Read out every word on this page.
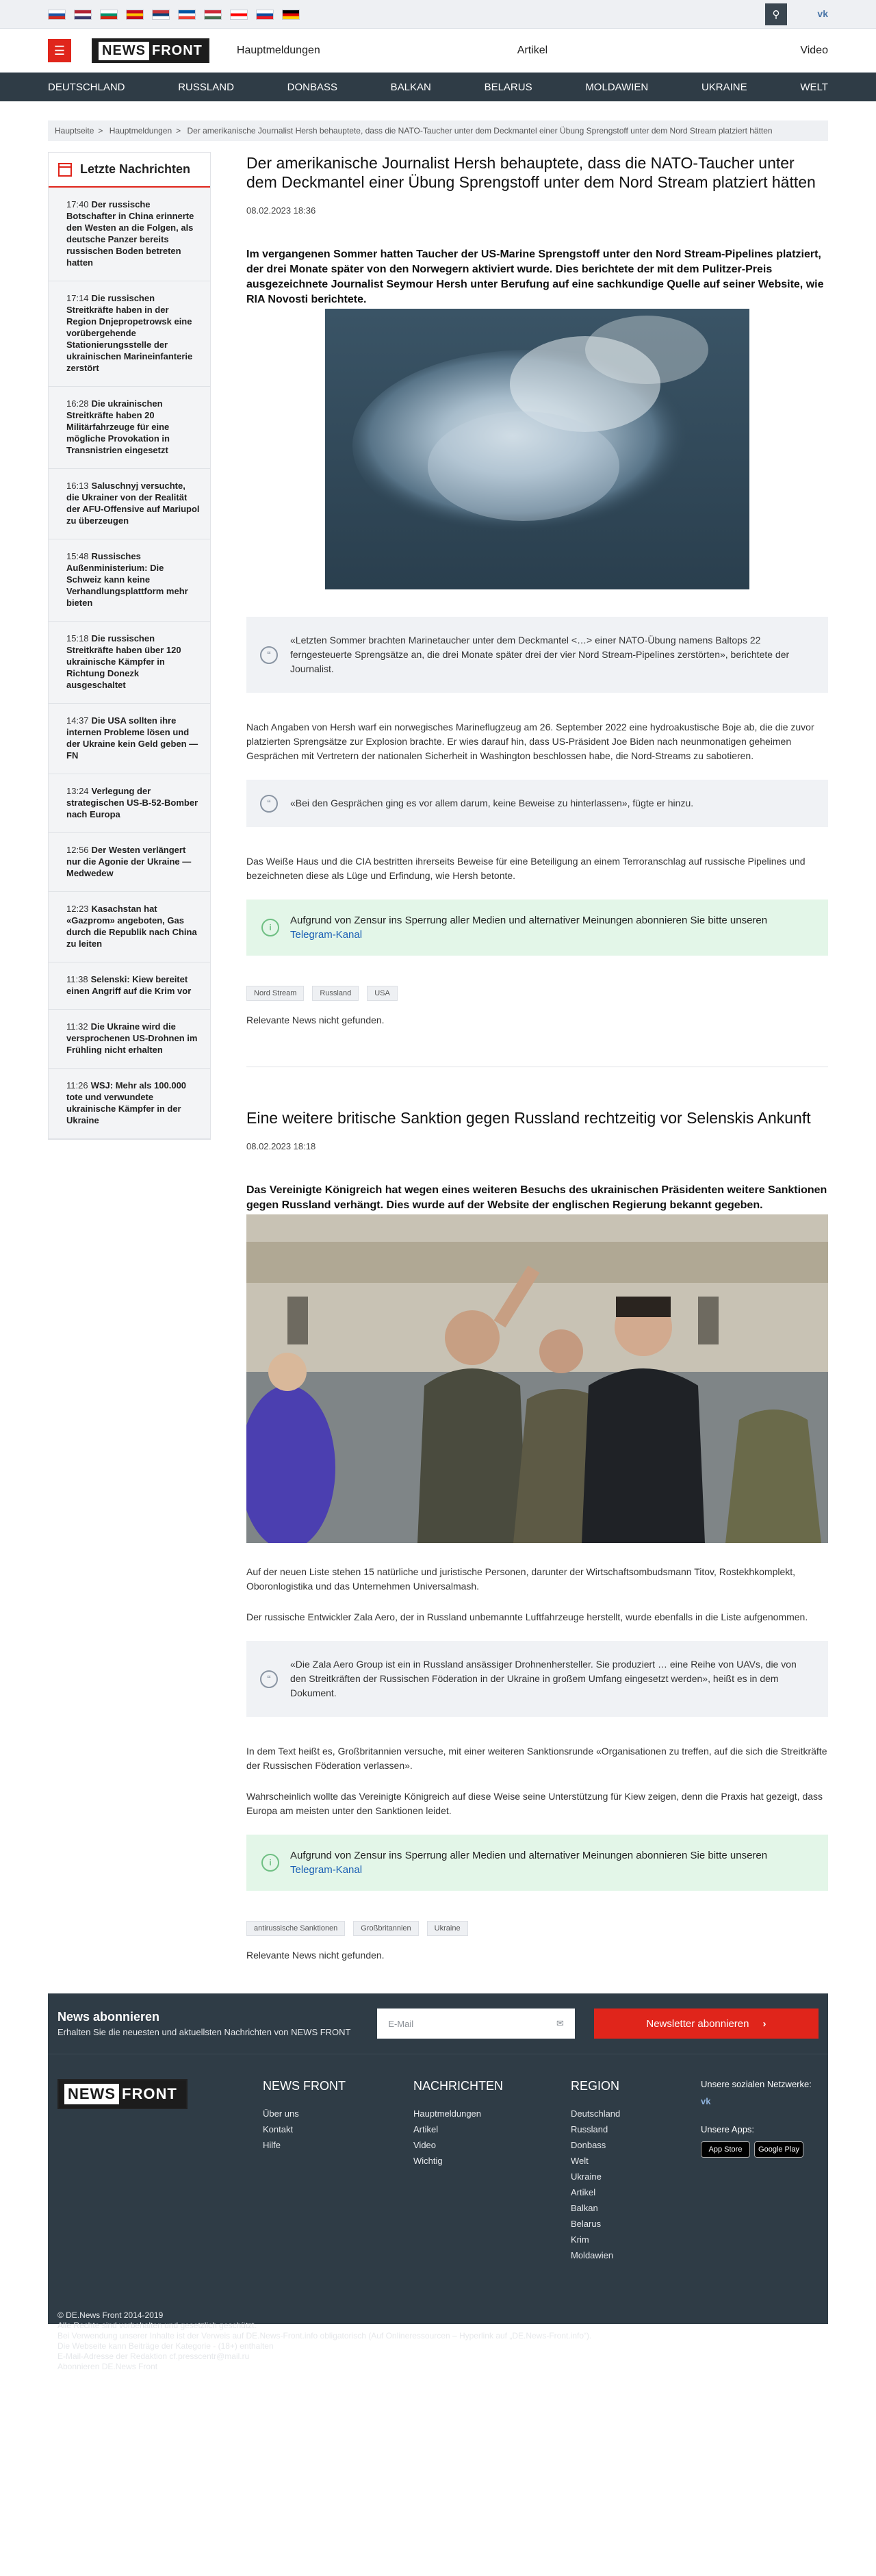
⚲	vk
☰	NEWS FRONT	Hauptmeldungen	Artikel	Video
DEUTSCHLAND	RUSSLAND	DONBASS	BALKAN	BELARUS	MOLDAWIEN	UKRAINE	WELT
Hauptseite > Hauptmeldungen > Der amerikanische Journalist Hersh behauptete, dass die NATO-Taucher unter dem Deckmantel einer Übung Sprengstoff unter dem Nord Stream platziert hätten
Letzte Nachrichten
17:40 Der russische Botschafter in China erinnerte den Westen an die Folgen, als deutsche Panzer bereits russischen Boden betreten hatten
17:14 Die russischen Streitkräfte haben in der Region Dnjepropetrowsk eine vorübergehende Stationierungsstelle der ukrainischen Marineinfanterie zerstört
16:28 Die ukrainischen Streitkräfte haben 20 Militärfahrzeuge für eine mögliche Provokation in Transnistrien eingesetzt
16:13 Saluschnyj versuchte, die Ukrainer von der Realität der AFU-Offensive auf Mariupol zu überzeugen
15:48 Russisches Außenministerium: Die Schweiz kann keine Verhandlungsplattform mehr bieten
15:18 Die russischen Streitkräfte haben über 120 ukrainische Kämpfer in Richtung Donezk ausgeschaltet
14:37 Die USA sollten ihre internen Probleme lösen und der Ukraine kein Geld geben — FN
13:24 Verlegung der strategischen US-B-52-Bomber nach Europa
12:56 Der Westen verlängert nur die Agonie der Ukraine — Medwedew
12:23 Kasachstan hat «Gazprom» angeboten, Gas durch die Republik nach China zu leiten
11:38 Selenski: Kiew bereitet einen Angriff auf die Krim vor
11:32 Die Ukraine wird die versprochenen US-Drohnen im Frühling nicht erhalten
11:26 WSJ: Mehr als 100.000 tote und verwundete ukrainische Kämpfer in der Ukraine
Der amerikanische Journalist Hersh behauptete, dass die NATO-Taucher unter dem Deckmantel einer Übung Sprengstoff unter dem Nord Stream platziert hätten
08.02.2023 18:36

Im vergangenen Sommer hatten Taucher der US-Marine Sprengstoff unter den Nord Stream-Pipelines platziert, der drei Monate später von den Norwegern aktiviert wurde. Dies berichtete der mit dem Pulitzer-Preis ausgezeichnete Journalist Seymour Hersh unter Berufung auf eine sachkundige Quelle auf seiner Website, wie RIA Novosti berichtete.

“
«Letzten Sommer brachten Marinetaucher unter dem Deckmantel <…> einer NATO-Übung namens Baltops 22 ferngesteuerte Sprengsätze an, die drei Monate später drei der vier Nord Stream-Pipelines zerstörten», berichtete der Journalist.

Nach Angaben von Hersh warf ein norwegisches Marineflugzeug am 26. September 2022 eine hydroakustische Boje ab, die die zuvor platzierten Sprengsätze zur Explosion brachte. Er wies darauf hin, dass US-Präsident Joe Biden nach neunmonatigen geheimen Gesprächen mit Vertretern der nationalen Sicherheit in Washington beschlossen habe, die Nord-Streams zu sabotieren.

“	«Bei den Gesprächen ging es vor allem darum, keine Beweise zu hinterlassen», fügte er hinzu.

Das Weiße Haus und die CIA bestritten ihrerseits Beweise für eine Beteiligung an einem Terroranschlag auf russische Pipelines und bezeichneten diese als Lüge und Erfindung, wie Hersh betonte.

i
Aufgrund von Zensur ins Sperrung aller Medien und alternativer Meinungen abonnieren Sie bitte unseren
Telegram-Kanal
Nord Stream	Russland	USA

Relevante News nicht gefunden.

Eine weitere britische Sanktion gegen Russland rechtzeitig vor Selenskis Ankunft
08.02.2023 18:18

Das Vereinigte Königreich hat wegen eines weiteren Besuchs des ukrainischen Präsidenten weitere Sanktionen gegen Russland verhängt. Dies wurde auf der Website der englischen Regierung bekannt gegeben.

Auf der neuen Liste stehen 15 natürliche und juristische Personen, darunter der Wirtschaftsombudsmann Titov, Rostekhkomplekt, Oboronlogistika und das Unternehmen Universalmash.

Der russische Entwickler Zala Aero, der in Russland unbemannte Luftfahrzeuge herstellt, wurde ebenfalls in die Liste aufgenommen.

“
«Die Zala Aero Group ist ein in Russland ansässiger Drohnenhersteller. Sie produziert … eine Reihe von UAVs, die von den Streitkräften der Russischen Föderation in der Ukraine in großem Umfang eingesetzt werden», heißt es in dem Dokument.

In dem Text heißt es, Großbritannien versuche, mit einer weiteren Sanktionsrunde «Organisationen zu treffen, auf die sich die Streitkräfte der Russischen Föderation verlassen».

Wahrscheinlich wollte das Vereinigte Königreich auf diese Weise seine Unterstützung für Kiew zeigen, denn die Praxis hat gezeigt, dass Europa am meisten unter den Sanktionen leidet.

i
Aufgrund von Zensur ins Sperrung aller Medien und alternativer Meinungen abonnieren Sie bitte unseren
Telegram-Kanal
antirussische Sanktionen	Großbritannien	Ukraine

Relevante News nicht gefunden.

News abonnieren
Erhalten Sie die neuesten und aktuellsten Nachrichten von NEWS FRONT
E-Mail	✉	Newsletter abonnieren ›
NEWS FRONT	NEWS FRONT
Über uns
Kontakt
Hilfe
NACHRICHTEN
Hauptmeldungen
Artikel
Video
Wichtig
REGION
Deutschland
Russland
Donbass
Welt
Ukraine
Artikel
Balkan
Belarus
Krim
Moldawien
Unsere sozialen Netzwerke:
vk
Unsere Apps:
App Store Google Play
© DE.News Front 2014-2019
Alle Rechte sind vorbehalten und gesetzlich geschützt.
Bei Verwendung unserer Inhalte ist der Verweis auf DE.News-Front.info obligatorisch (Auf Onlineressourcen – Hyperlink auf „DE.News-Front.info“).
Die Webseite kann Beiträge der Kategorie - (18+) enthalten
E-Mail-Adresse der Redaktion cf.presscentr@mail.ru
Abonnieren DE.News Front
